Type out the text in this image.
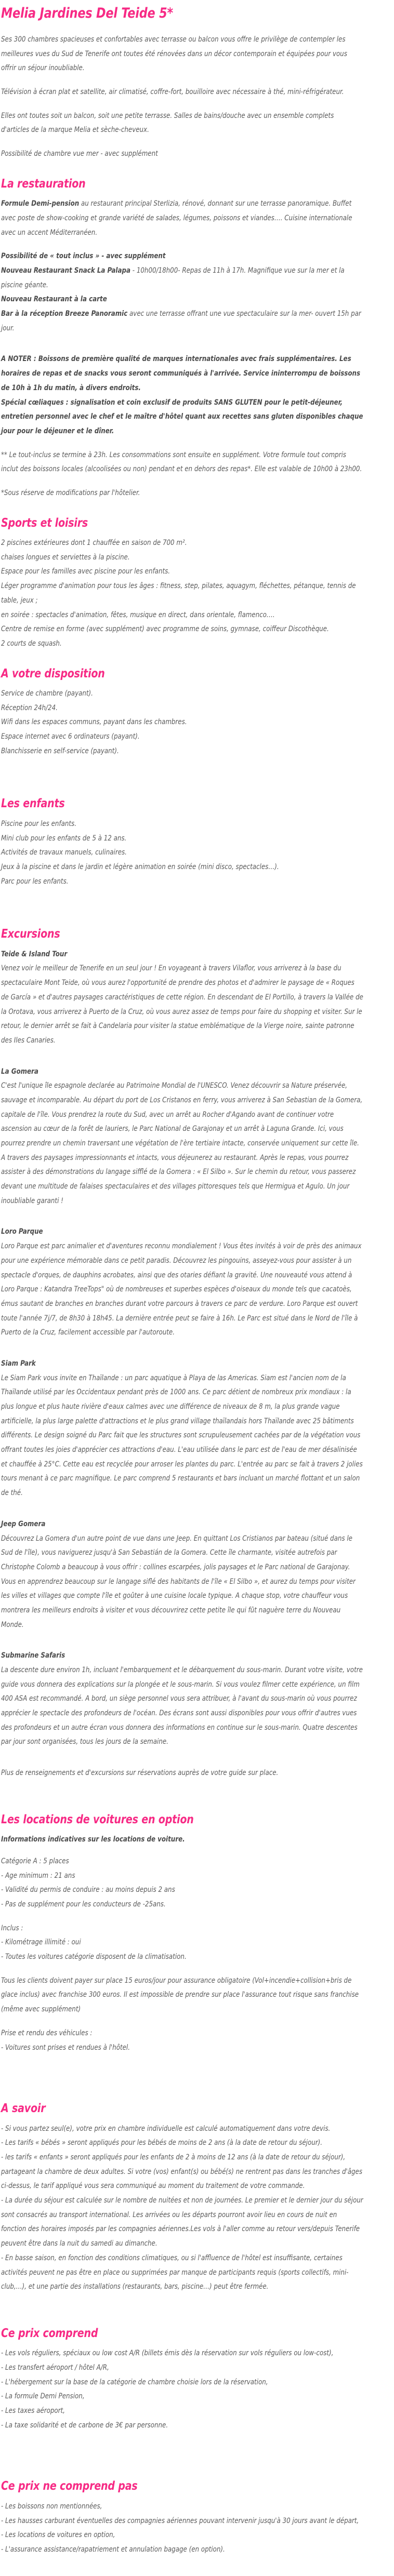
Melia Jardines Del Teide 5*

Ses 300 chambres spacieuses et confortables avec terrasse ou balcon vous offre le privilège de contempler les meilleures vues du Sud de Tenerife ont toutes été rénovées dans un décor contemporain et équipées pour vous offrir un séjour inoubliable.

Télévision à écran plat et satellite, air climatisé, coffre-fort, bouilloire avec nécessaire à thé, mini-réfrigérateur.

Elles ont toutes soit un balcon, soit une petite terrasse. Salles de bains/douche avec un ensemble complets d'articles de la marque Melia et sèche-cheveux.

Possibilité de chambre vue mer - avec supplément

La restauration

Formule Demi-pension au restaurant principal Sterlizia, rénové, donnant sur une terrasse panoramique. Buffet avec poste de show-cooking et grande variété de salades, légumes, poissons et viandes…. Cuisine internationale avec un accent Méditerranéen.

Possibilité de « tout inclus » - avec supplément

Nouveau Restaurant Snack La Palapa - 10h00/18h00- Repas de 11h à 17h. Magnifique vue sur la mer et la piscine géante.

Nouveau Restaurant à la carte

Bar à la réception Breeze Panoramic avec une terrasse offrant une vue spectaculaire sur la mer- ouvert 15h par jour.

A NOTER : Boissons de première qualité de marques internationales avec frais supplémentaires. Les horaires de repas et de snacks vous seront communiqués à l'arrivée. Service ininterrompu de boissons de 10h à 1h du matin, à divers endroits.

Spécial cœliaques : signalisation et coin exclusif de produits SANS GLUTEN pour le petit-déjeuner, entretien personnel avec le chef et le maître d'hôtel quant aux recettes sans gluten disponibles chaque jour pour le déjeuner et le dîner.

** Le tout-inclus se termine à 23h. Les consommations sont ensuite en supplément. Votre formule tout compris inclut des boissons locales (alcoolisées ou non) pendant et en dehors des repas*. Elle est valable de 10h00 à 23h00.

*Sous réserve de modifications par l'hôtelier.

Sports et loisirs

2 piscines extérieures dont 1 chauffée en saison de 700 m².

chaises longues et serviettes à la piscine.

Espace pour les familles avec piscine pour les enfants.

Léger programme d'animation pour tous les âges : fitness, step, pilates, aquagym, fléchettes, pétanque, tennis de table, jeux ;

en soirée : spectacles d'animation, fêtes, musique en direct, dans orientale, flamenco….

Centre de remise en forme (avec supplément) avec programme de soins, gymnase, coiffeur Discothèque.

2 courts de squash.

A votre disposition

Service de chambre (payant).

Réception 24h/24.

Wifi dans les espaces communs, payant dans les chambres.

Espace internet avec 6 ordinateurs (payant).

Blanchisserie en self-service (payant).

Les enfants

Piscine pour les enfants.

Mini club pour les enfants de 5 à 12 ans.

Activités de travaux manuels, culinaires.

Jeux à la piscine et dans le jardin et légère animation en soirée (mini disco, spectacles…).

Parc pour les enfants.

Excursions

Teide & Island Tour

Venez voir le meilleur de Tenerife en un seul jour ! En voyageant à travers Vilaflor, vous arriverez à la base du spectaculaire Mont Teide, où vous aurez l'opportunité de prendre des photos et d'admirer le paysage de « Roques de García » et d'autres paysages caractéristiques de cette région. En descendant de El Portillo, à travers la Vallée de la Orotava, vous arriverez à Puerto de la Cruz, où vous aurez assez de temps pour faire du shopping et visiter. Sur le retour, le dernier arrêt se fait à Candelaria pour visiter la statue emblématique de la Vierge noire, sainte patronne des Iles Canaries.

La Gomera

C'est l'unique île espagnole declarée au Patrimoine Mondial de l'UNESCO. Venez découvrir sa Nature préservée, sauvage et incomparable. Au départ du port de Los Cristanos en ferry, vous arriverez à San Sebastian de la Gomera, capitale de l'île. Vous prendrez la route du Sud, avec un arrêt au Rocher d'Agando avant de continuer votre ascension au cœur de la forêt de lauriers, le Parc National de Garajonay et un arrêt à Laguna Grande. Ici, vous pourrez prendre un chemin traversant une végétation de l'ère tertiaire intacte, conservée uniquement sur cette île. A travers des paysages impressionnants et intacts, vous déjeunerez au restaurant. Après le repas, vous pourrez assister à des démonstrations du langage sifflé de la Gomera : « El Silbo ». Sur le chemin du retour, vous passerez devant une multitude de falaises spectaculaires et des villages pittoresques tels que Hermigua et Agulo. Un jour inoubliable garanti !

Loro Parque

Loro Parque est parc animalier et d'aventures reconnu mondialement ! Vous êtes invités à voir de près des animaux pour une expérience mémorable dans ce petit paradis. Découvrez les pingouins, asseyez-vous pour assister à un spectacle d'orques, de dauphins acrobates, ainsi que des otaries défiant la gravité. Une nouveauté vous attend à Loro Parque : Katandra TreeTops" où de nombreuses et superbes espèces d'oiseaux du monde tels que cacatoès, émus sautant de branches en branches durant votre parcours à travers ce parc de verdure. Loro Parque est ouvert toute l'année 7j/7, de 8h30 à 18h45. La dernière entrée peut se faire à 16h. Le Parc est situé dans le Nord de l'île à Puerto de la Cruz, facilement accessible par l'autoroute.

Siam Park

Le Siam Park vous invite en Thaïlande : un parc aquatique à Playa de las Americas. Siam est l'ancien nom de la Thaïlande utilisé par les Occidentaux pendant près de 1000 ans. Ce parc détient de nombreux prix mondiaux : la plus longue et plus haute rivière d'eaux calmes avec une différence de niveaux de 8 m, la plus grande vague artificielle, la plus large palette d'attractions et le plus grand village thaïlandais hors Thaïlande avec 25 bâtiments différents. Le design soigné du Parc fait que les structures sont scrupuleusement cachées par de la végétation vous offrant toutes les joies d'apprécier ces attractions d'eau. L'eau utilisée dans le parc est de l'eau de mer désalinisée et chauffée à 25°C. Cette eau est recyclée pour arroser les plantes du parc. L'entrée au parc se fait à travers 2 jolies tours menant à ce parc magnifique. Le parc comprend 5 restaurants et bars incluant un marché flottant et un salon de thé.

Jeep Gomera

Découvrez La Gomera d'un autre point de vue dans une Jeep. En quittant Los Cristianos par bateau (situé dans le Sud de l'île), vous naviguerez jusqu'à San Sebastián de la Gomera. Cette île charmante, visitée autrefois par Christophe Colomb a beaucoup à vous offrir : collines escarpées, jolis paysages et le Parc national de Garajonay. Vous en apprendrez beaucoup sur le langage siflé des habitants de l'île « El Silbo », et aurez du temps pour visiter les villes et villages que compte l'île et goûter à une cuisine locale typique. A chaque stop, votre chauffeur vous montrera les meilleurs endroits à visiter et vous découvrirez cette petite île qui fût naguère terre du Nouveau Monde.

Submarine Safaris

La descente dure environ 1h, incluant l'embarquement et le débarquement du sous-marin. Durant votre visite, votre guide vous donnera des explications sur la plongée et le sous-marin. Si vous voulez filmer cette expérience, un film 400 ASA est recommandé. A bord, un siège personnel vous sera attribuer, à l'avant du sous-marin où vous pourrez apprécier le spectacle des profondeurs de l'océan. Des écrans sont aussi disponibles pour vous offrir d'autres vues des profondeurs et un autre écran vous donnera des informations en continue sur le sous-marin. Quatre descentes par jour sont organisées, tous les jours de la semaine.

Plus de renseignements et d'excursions sur réservations auprès de votre guide sur place.

Les locations de voitures en option

Informations indicatives sur les locations de voiture.

Catégorie A : 5 places

- Age minimum : 21 ans

- Validité du permis de conduire : au moins depuis 2 ans

- Pas de supplément pour les conducteurs de -25ans.

Inclus :

- Kilométrage illimité : oui

- Toutes les voitures catégorie disposent de la climatisation.

Tous les clients doivent payer sur place 15 euros/jour pour assurance obligatoire (Vol+incendie+collision+bris de glace inclus) avec franchise 300 euros. Il est impossible de prendre sur place l'assurance tout risque sans franchise (même avec supplément)

Prise et rendu des véhicules :

- Voitures sont prises et rendues à l'hôtel.

A savoir

- Si vous partez seul(e), votre prix en chambre individuelle est calculé automatiquement dans votre devis.

- Les tarifs « bébés » seront appliqués pour les bébés de moins de 2 ans (à la date de retour du séjour).

- les tarifs « enfants » seront appliqués pour les enfants de 2 à moins de 12 ans (à la date de retour du séjour), partageant la chambre de deux adultes. Si votre (vos) enfant(s) ou bébé(s) ne rentrent pas dans les tranches d'âges ci-dessus, le tarif appliqué vous sera communiqué au moment du traitement de votre commande.

- La durée du séjour est calculée sur le nombre de nuitées et non de journées. Le premier et le dernier jour du séjour sont consacrés au transport international. Les arrivées ou les départs pourront avoir lieu en cours de nuit en fonction des horaires imposés par les compagnies aériennes.Les vols à l'aller comme au retour vers/depuis Tenerife peuvent être dans la nuit du samedi au dimanche.

- En basse saison, en fonction des conditions climatiques, ou si l'affluence de l'hôtel est insuffisante, certaines activités peuvent ne pas être en place ou supprimées par manque de participants requis (sports collectifs, mini-club,…), et une partie des installations (restaurants, bars, piscine…) peut être fermée.

Ce prix comprend

- Les vols réguliers, spéciaux ou low cost A/R (billets émis dès la réservation sur vols réguliers ou low-cost),

- Les transfert aéroport / hôtel A/R,

- L'hébergement sur la base de la catégorie de chambre choisie lors de la réservation,

- La formule Demi Pension,

- Les taxes aéroport,

- La taxe solidarité et de carbone de 3€ par personne.

Ce prix ne comprend pas

- Les boissons non mentionnées,

- Les hausses carburant éventuelles des compagnies aériennes pouvant intervenir jusqu'à 30 jours avant le départ,

- Les locations de voitures en option,

- L'assurance assistance/rapatriement et annulation bagage (en option).
